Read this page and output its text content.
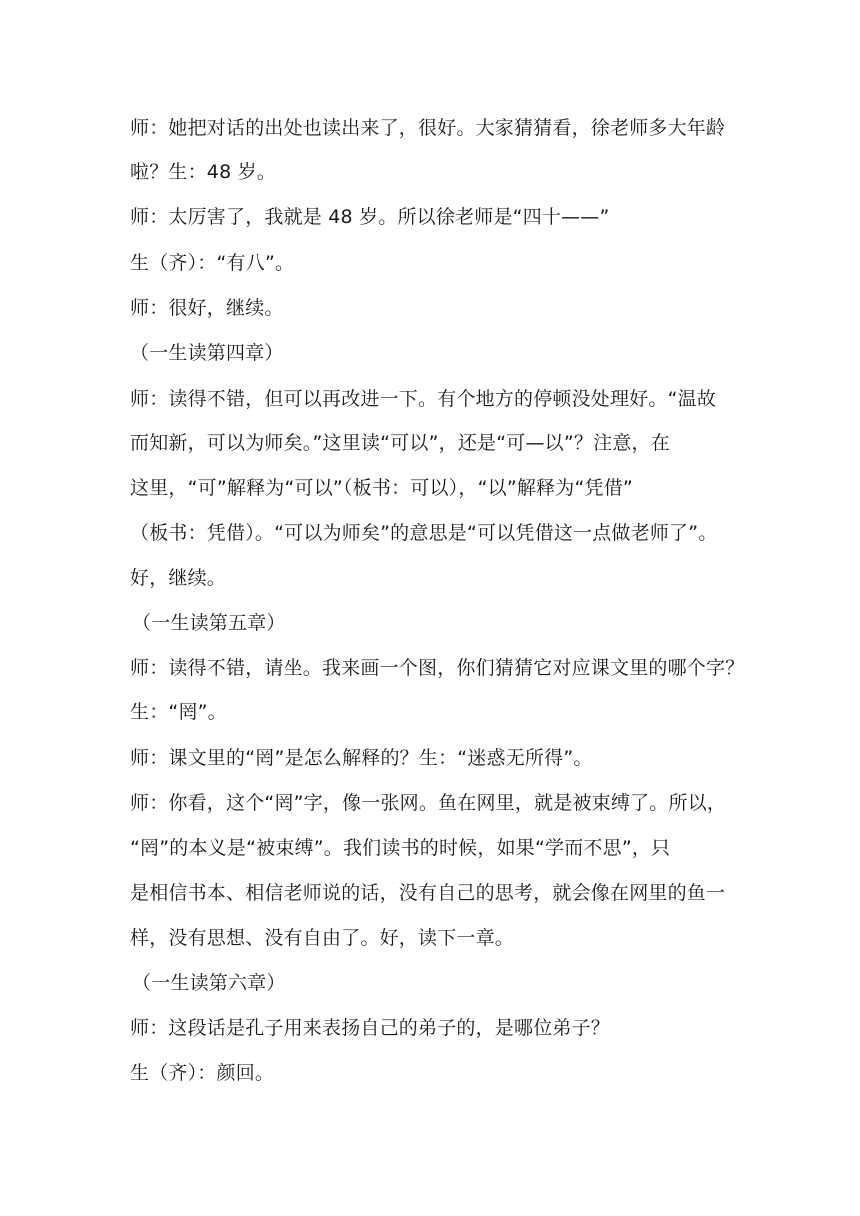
师：她把对话的出处也读出来了，很好。大家猜猜看，徐老师多大年龄
啦？生：48 岁。
师：太厉害了，我就是 48 岁。所以徐老师是“四十——”
生（齐）：“有八”。
师：很好，继续。
（一生读第四章）
师：读得不错，但可以再改进一下。有个地方的停顿没处理好。“温故
而知新，可以为师矣。”这里读“可以”，还是“可—以”？注意，在
这里，“可”解释为“可以”（板书：可以），“以”解释为“凭借”
（板书：凭借）。“可以为师矣”的意思是“可以凭借这一点做老师了”。
好，继续。
（一生读第五章）
师：读得不错，请坐。我来画一个图，你们猜猜它对应课文里的哪个字？
生：“罔”。
师：课文里的“罔”是怎么解释的？生：“迷惑无所得”。
师：你看，这个“罔”字，像一张网。鱼在网里，就是被束缚了。所以，
“罔”的本义是“被束缚”。我们读书的时候，如果“学而不思”，只
是相信书本、相信老师说的话，没有自己的思考，就会像在网里的鱼一
样，没有思想、没有自由了。好，读下一章。
（一生读第六章）
师：这段话是孔子用来表扬自己的弟子的，是哪位弟子？
生（齐）：颜回。
